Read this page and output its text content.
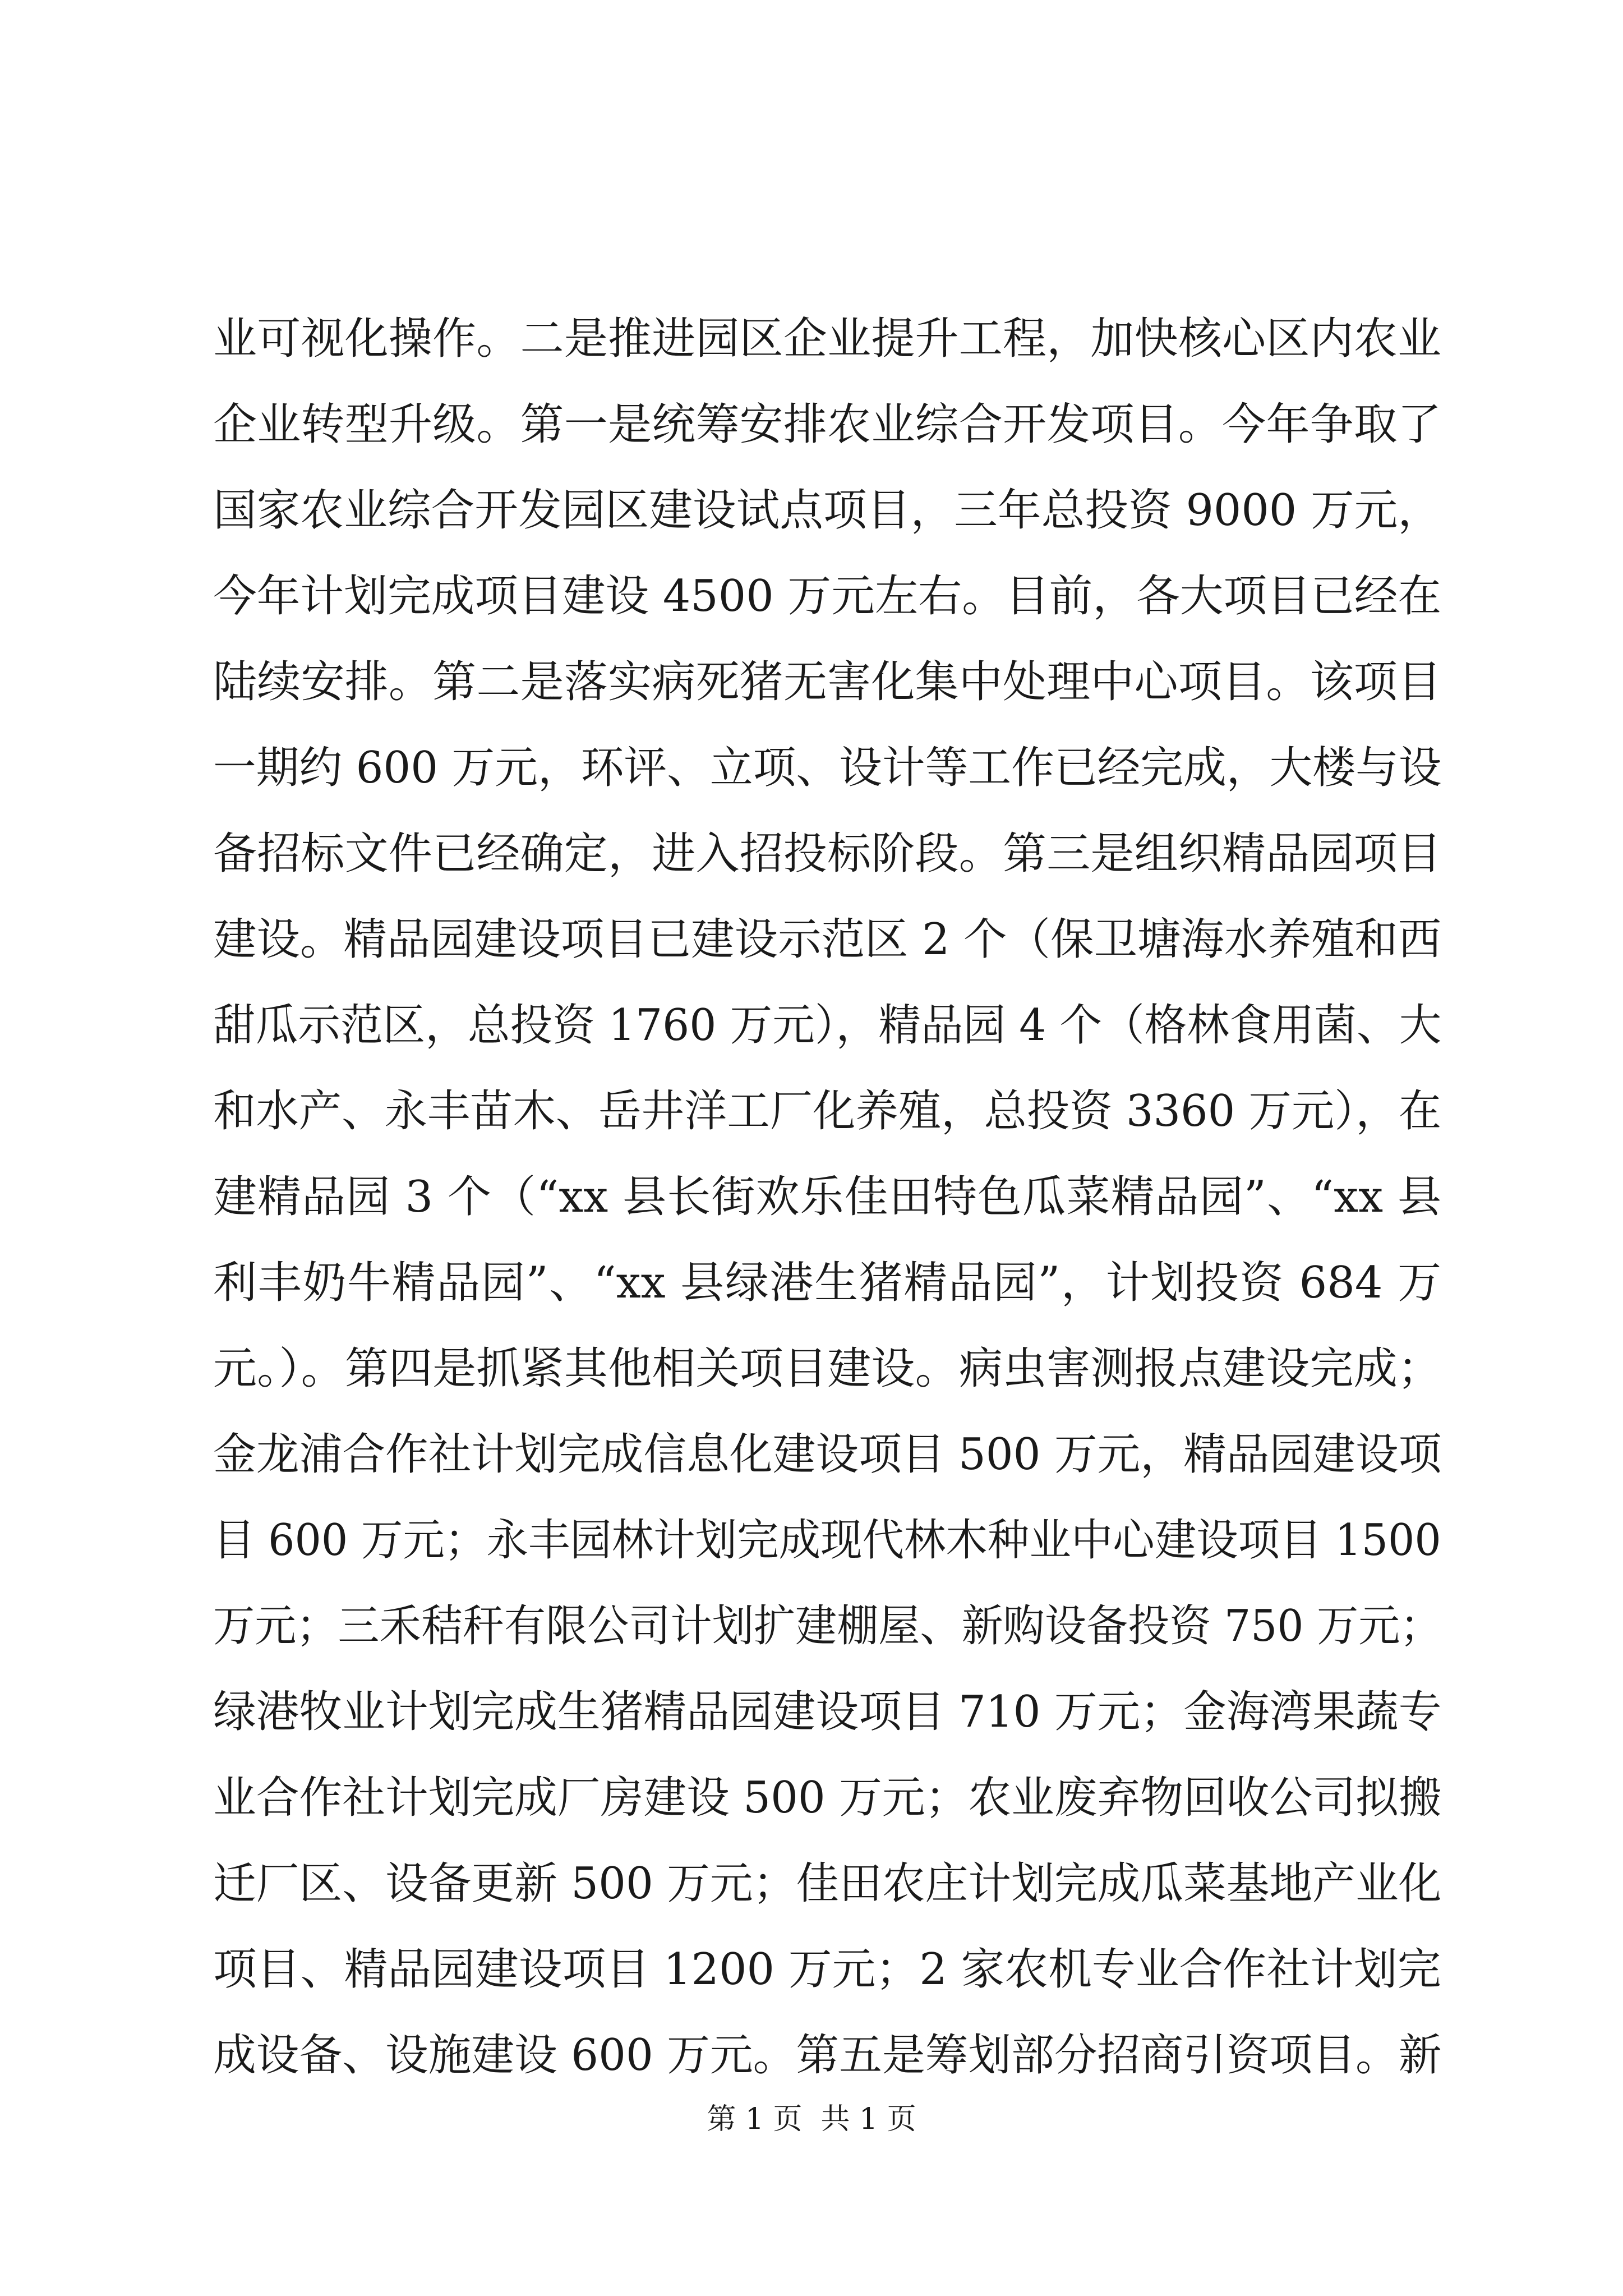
业可视化操作。二是推进园区企业提升工程，加快核心区内农业
企业转型升级。第一是统筹安排农业综合开发项目。今年争取了
国家农业综合开发园区建设试点项目，三年总投资 9000 万元，
今年计划完成项目建设 4500 万元左右。目前，各大项目已经在
陆续安排。第二是落实病死猪无害化集中处理中心项目。该项目
一期约 600 万元，环评、立项、设计等工作已经完成，大楼与设
备招标文件已经确定，进入招投标阶段。第三是组织精品园项目
建设。精品园建设项目已建设示范区 2 个（保卫塘海水养殖和西
甜瓜示范区，总投资 1760 万元），精品园 4 个（格林食用菌、大
和水产、永丰苗木、岳井洋工厂化养殖，总投资 3360 万元），在
建精品园 3 个（“xx 县长街欢乐佳田特色瓜菜精品园”、“xx 县
利丰奶牛精品园”、“xx 县绿港生猪精品园”，计划投资 684 万
元。）。第四是抓紧其他相关项目建设。病虫害测报点建设完成；
金龙浦合作社计划完成信息化建设项目 500 万元，精品园建设项
目 600 万元；永丰园林计划完成现代林木种业中心建设项目 1500
万元；三禾秸秆有限公司计划扩建棚屋、新购设备投资 750 万元；
绿港牧业计划完成生猪精品园建设项目 710 万元；金海湾果蔬专
业合作社计划完成厂房建设 500 万元；农业废弃物回收公司拟搬
迁厂区、设备更新 500 万元；佳田农庄计划完成瓜菜基地产业化
项目、精品园建设项目 1200 万元；2 家农机专业合作社计划完
成设备、设施建设 600 万元。第五是筹划部分招商引资项目。新
第 1 页  共 1 页
